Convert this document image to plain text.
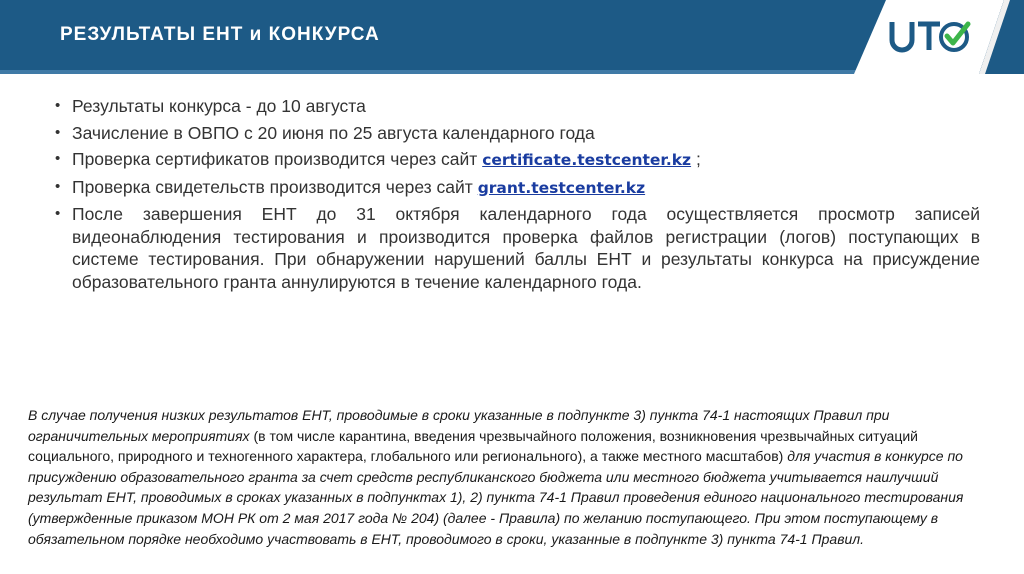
РЕЗУЛЬТАТЫ ЕНТ и КОНКУРСА
• Результаты конкурса - до 10 августа
• Зачисление в ОВПО с 20 июня по 25 августа календарного года
• Проверка сертификатов производится через сайт certificate.testcenter.kz ;
• Проверка свидетельств производится через сайт grant.testcenter.kz
• После завершения ЕНТ до 31 октября календарного года осуществляется просмотр записей видеонаблюдения тестирования и производится проверка файлов регистрации (логов) поступающих в системе тестирования. При обнаружении нарушений баллы ЕНТ и результаты конкурса на присуждение образовательного гранта аннулируются в течение календарного года.
В случае получения низких результатов ЕНТ, проводимые в сроки указанные в подпункте 3) пункта 74-1 настоящих Правил при ограничительных мероприятиях (в том числе карантина, введения чрезвычайного положения, возникновения чрезвычайных ситуаций социального, природного и техногенного характера, глобального или регионального), а также местного масштабов) для участия в конкурсе по присуждению образовательного гранта за счет средств республиканского бюджета или местного бюджета учитывается наилучший результат ЕНТ, проводимых в сроках указанных в подпунктах 1), 2) пункта 74-1 Правил проведения единого национального тестирования (утвержденные приказом МОН РК от 2 мая 2017 года № 204) (далее - Правила) по желанию поступающего. При этом поступающему в обязательном порядке необходимо участвовать в ЕНТ, проводимого в сроки, указанные в подпункте 3) пункта 74-1 Правил.
